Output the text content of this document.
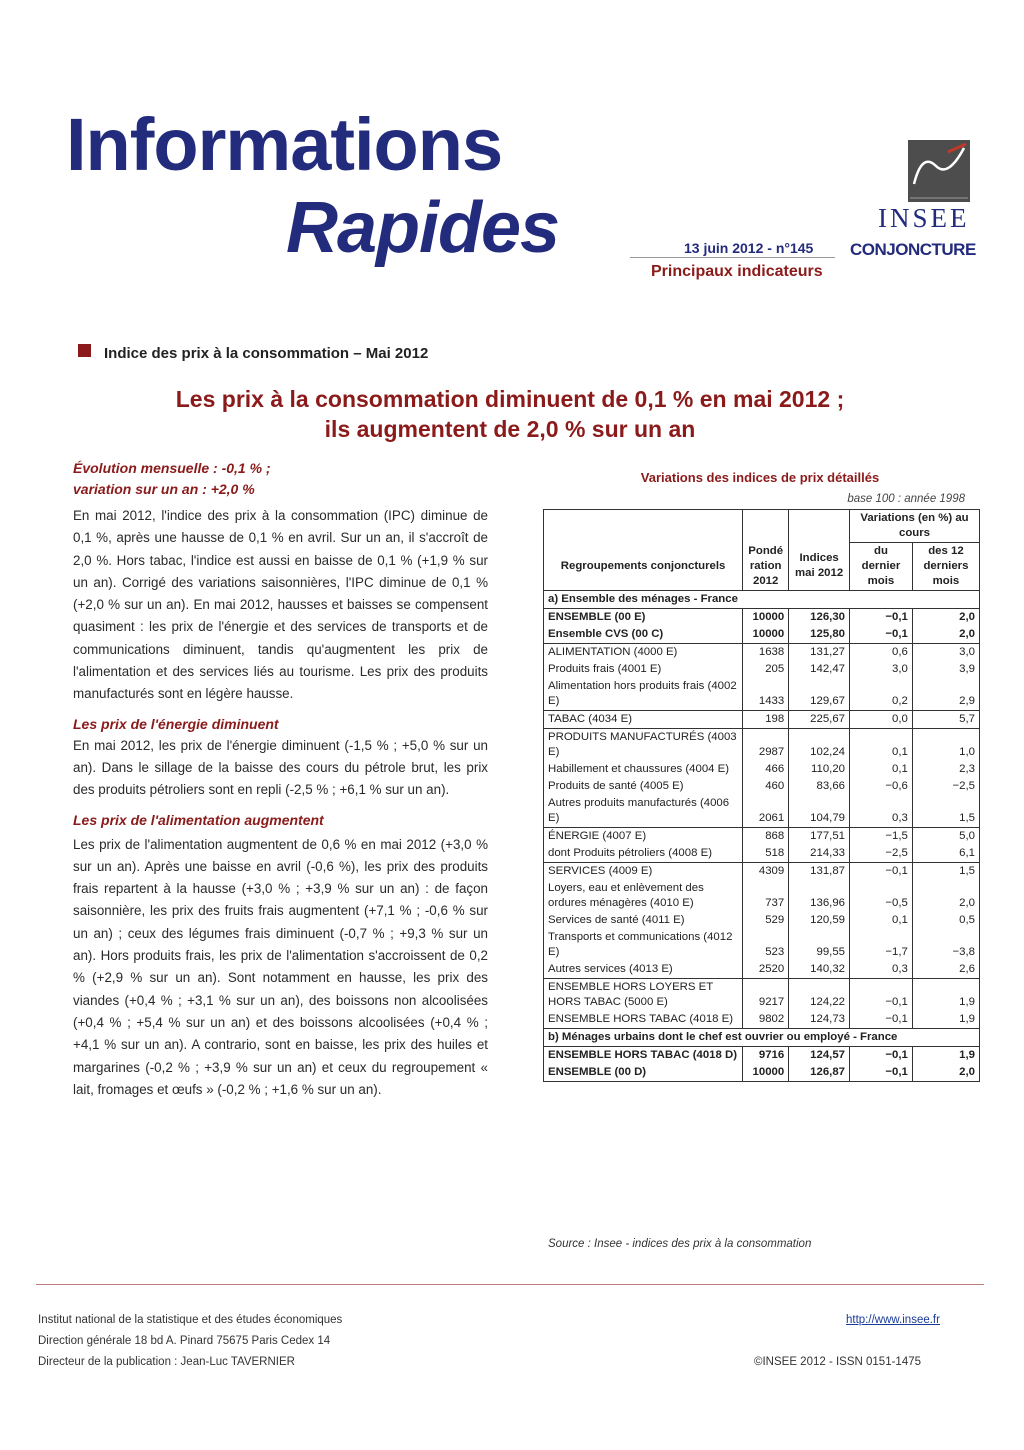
Informations
Rapides	13 juin 2012 - n°145
Principaux indicateurs
INSEE
CONJONCTURE
Indice des prix à la consommation – Mai 2012
Les prix à la consommation diminuent de 0,1 % en mai 2012 ;
ils augmentent de 2,0 % sur un an
Évolution mensuelle : -0,1 % ;
variation sur un an : +2,0 %

En mai 2012, l'indice des prix à la consommation (IPC) diminue de 0,1 %, après une hausse de 0,1 % en avril. Sur un an, il s'accroît de 2,0 %. Hors tabac, l'indice est aussi en baisse de 0,1 % (+1,9 % sur un an). Corrigé des variations saisonnières, l'IPC diminue de 0,1 % (+2,0 % sur un an). En mai 2012, hausses et baisses se compensent quasiment : les prix de l'énergie et des services de transports et de communications diminuent, tandis qu'augmentent les prix de l'alimentation et des services liés au tourisme. Les prix des produits manufacturés sont en légère hausse.

Les prix de l'énergie diminuent

En mai 2012, les prix de l'énergie diminuent (-1,5 % ; +5,0 % sur un an). Dans le sillage de la baisse des cours du pétrole brut, les prix des produits pétroliers sont en repli (-2,5 % ; +6,1 % sur un an).

Les prix de l'alimentation augmentent

Les prix de l'alimentation augmentent de 0,6 % en mai 2012 (+3,0 % sur un an). Après une baisse en avril (-0,6 %), les prix des produits frais repartent à la hausse (+3,0 % ; +3,9 % sur un an) : de façon saisonnière, les prix des fruits frais augmentent (+7,1 % ; -0,6 % sur un an) ; ceux des légumes frais diminuent (-0,7 % ; +9,3 % sur un an). Hors produits frais, les prix de l'alimentation s'accroissent de 0,2 % (+2,9 % sur un an). Sont notamment en hausse, les prix des viandes (+0,4 % ; +3,1 % sur un an), des boissons non alcoolisées (+0,4 % ; +5,4 % sur un an) et des boissons alcoolisées (+0,4 % ; +4,1 % sur un an). A contrario, sont en baisse, les prix des huiles et margarines (-0,2 % ; +3,9 % sur un an) et ceux du regroupement « lait, fromages et œufs » (-0,2 % ; +1,6 % sur un an).

Variations des indices de prix détaillés
base 100 : année 1998
			Variations (en %) au cours	
Regroupements conjoncturels	Pondé ration 2012	Indices mai 2012	du dernier mois	des 12 derniers mois
a) Ensemble des ménages - France				
ENSEMBLE (00 E)	10000	126,30	−0,1	2,0
Ensemble CVS (00 C)	10000	125,80	−0,1	2,0
ALIMENTATION (4000 E)	1638	131,27	0,6	3,0
Produits frais (4001 E)	205	142,47	3,0	3,9
Alimentation hors produits frais (4002 E)	1433	129,67	0,2	2,9
TABAC (4034 E)	198	225,67	0,0	5,7
PRODUITS MANUFACTURÉS (4003 E)	2987	102,24	0,1	1,0
Habillement et chaussures (4004 E)	466	110,20	0,1	2,3
Produits de santé (4005 E)	460	83,66	−0,6	−2,5
Autres produits manufacturés (4006 E)	2061	104,79	0,3	1,5
ÉNERGIE (4007 E)	868	177,51	−1,5	5,0
dont Produits pétroliers (4008 E)	518	214,33	−2,5	6,1
SERVICES (4009 E)	4309	131,87	−0,1	1,5
Loyers, eau et enlèvement des ordures ménagères (4010 E)	737	136,96	−0,5	2,0
Services de santé (4011 E)	529	120,59	0,1	0,5
Transports et communications (4012 E)	523	99,55	−1,7	−3,8
Autres services (4013 E)	2520	140,32	0,3	2,6
ENSEMBLE HORS LOYERS ET HORS TABAC (5000 E)	9217	124,22	−0,1	1,9
ENSEMBLE HORS TABAC (4018 E)	9802	124,73	−0,1	1,9
b) Ménages urbains dont le chef est ouvrier ou employé - France				
ENSEMBLE HORS TABAC (4018 D)	9716	124,57	−0,1	1,9
ENSEMBLE (00 D)	10000	126,87	−0,1	2,0
Source : Insee - indices des prix à la consommation
Institut national de la statistique et des études économiques
Direction générale 18 bd A. Pinard 75675 Paris Cedex 14
Directeur de la publication : Jean-Luc TAVERNIER
http://www.insee.fr
©INSEE 2012 - ISSN 0151-1475
